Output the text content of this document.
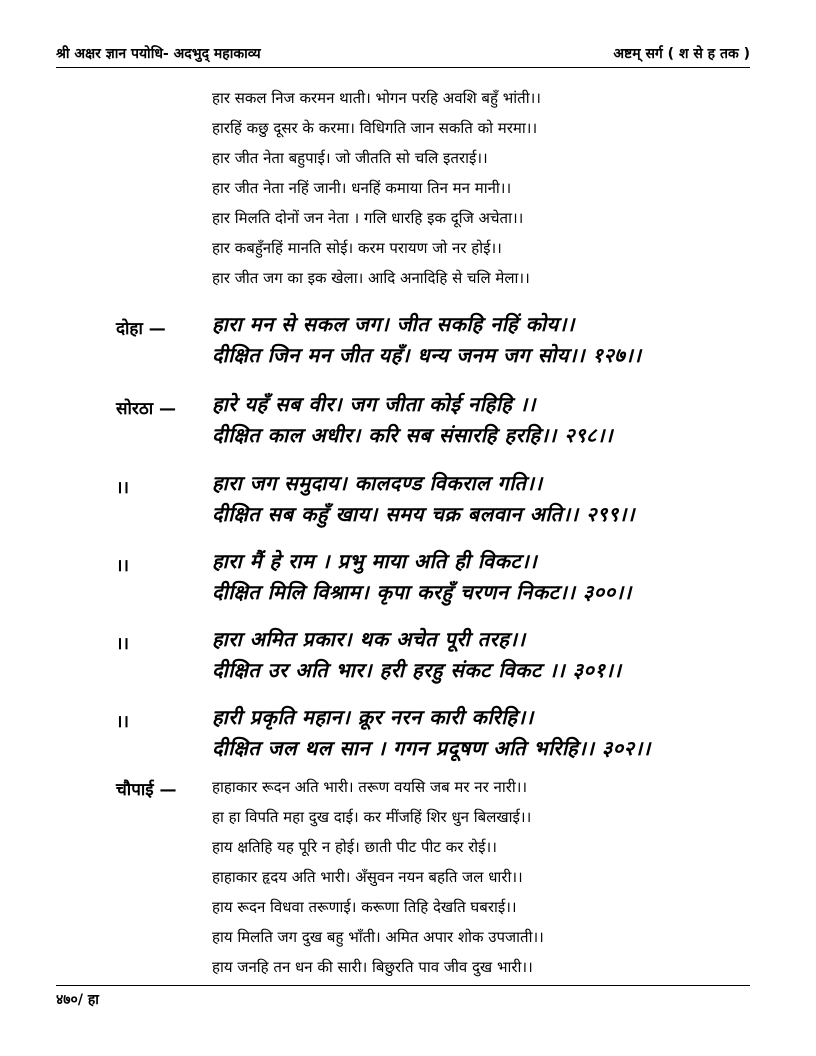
श्री अक्षर ज्ञान पयोधि- अदभुद् महाकाव्य	अष्टम् सर्ग ( श से ह तक )
हार सकल निज करमन थाती। भोगन परहि अवशि बहुँ भांती।।
हारहिं कछु दूसर के करमा। विधिगति जान सकति को मरमा।।
हार जीत नेता बहुपाई। जो जीतति सो चलि इतराई।।
हार जीत नेता नहिं जानी। धनहिं कमाया तिन मन मानी।।
हार मिलति दोनों जन नेता । गलि धारहि इक दूजि अचेता।।
हार कबहुँनहिं मानति सोई। करम परायण जो नर होई।।
हार जीत जग का इक खेला। आदि अनादिहि से चलि मेला।।
दोहा — हारा मन से सकल जग। जीत सकहि नहिं कोय।।
दीक्षित जिन मन जीत यहँ। धन्य जनम जग सोय।। १२७।।
सोरठा — हारे यहँ सब वीर। जग जीता कोई नहिहि ।।
दीक्षित काल अधीर। करि सब संसारहि हरहि।। २९८।।
।।	हारा जग समुदाय। कालदण्ड विकराल गति।।
दीक्षित सब कहुँ खाय। समय चक्र बलवान अति।। २९९।।
।।	हारा मैं हे राम । प्रभु माया अति ही विकट।।
दीक्षित मिलि विश्राम। कृपा करहुँ चरणन निकट।। ३००।।
।।	हारा अमित प्रकार। थक अचेत पूरी तरह।।
दीक्षित उर अति भार। हरी हरहु संकट विकट ।। ३०१।।
।।	हारी प्रकृति महान। क्रूर नरन कारी करिहि।।
दीक्षित जल थल सान । गगन प्रदूषण अति भरिहि।। ३०२।।
चौपाई — हाहाकार रूदन अति भारी। तरूण वयसि जब मर नर नारी।।
हा हा विपति महा दुख दाई। कर मींजहिं शिर धुन बिलखाई।।
हाय क्षतिहि यह पूरि न होई। छाती पीट पीट कर रोई।।
हाहाकार हृदय अति भारी। अँसुवन नयन बहति जल धारी।।
हाय रूदन विधवा तरूणाई। करूणा तिहि देखति घबराई।।
हाय मिलति जग दुख बहु भाँती। अमित अपार शोक उपजाती।।
हाय जनहि तन धन की सारी। बिछुरति पाव जीव दुख भारी।।
४७०/ हा
